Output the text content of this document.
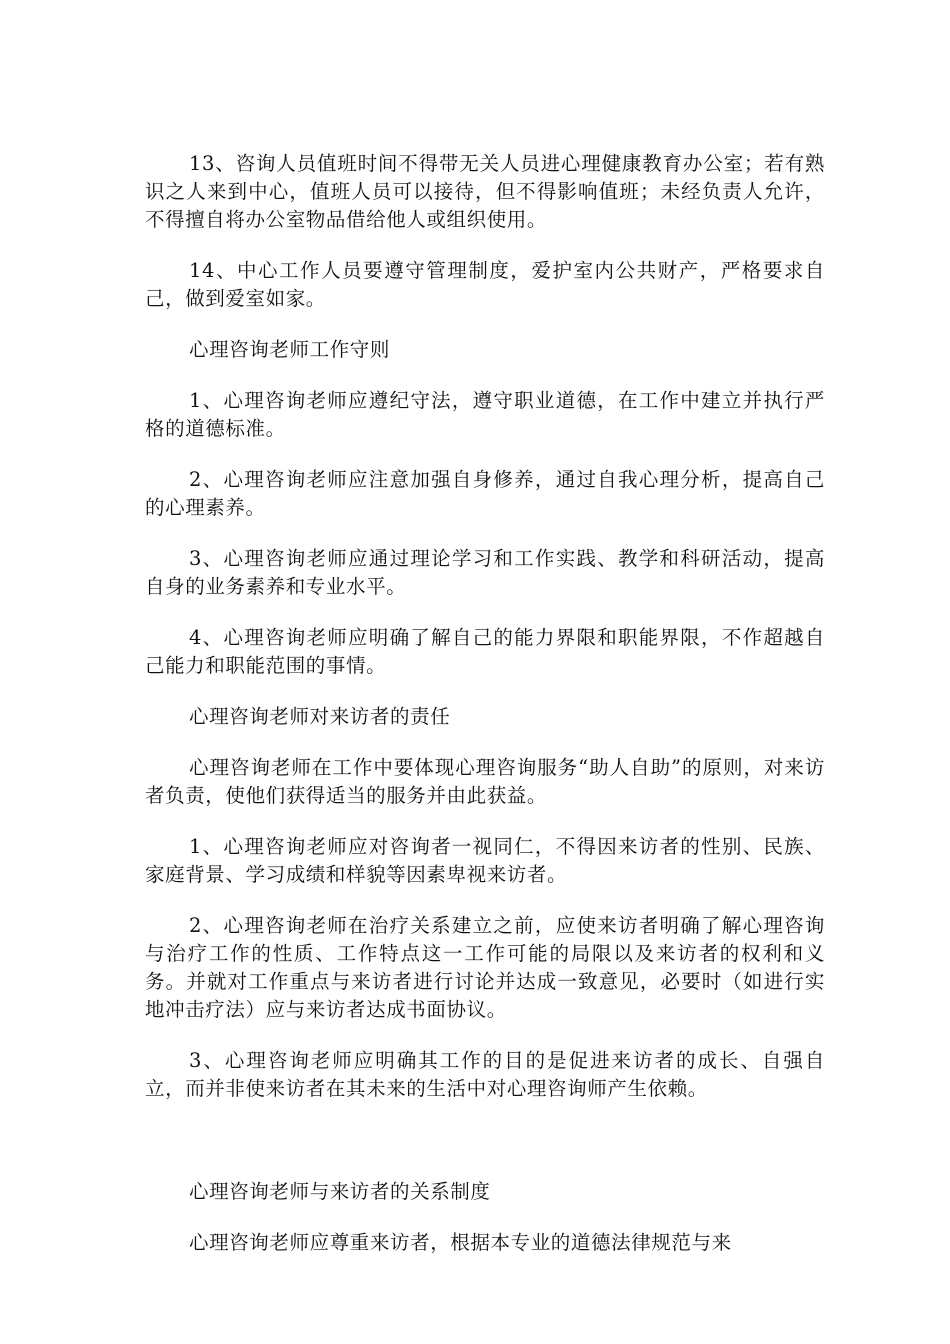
13、咨询人员值班时间不得带无关人员进心理健康教育办公室；若有熟识之人来到中心，值班人员可以接待，但不得影响值班；未经负责人允许，不得擅自将办公室物品借给他人或组织使用。

14、中心工作人员要遵守管理制度，爱护室内公共财产，严格要求自己，做到爱室如家。

心理咨询老师工作守则

1、心理咨询老师应遵纪守法，遵守职业道德，在工作中建立并执行严格的道德标准。

2、心理咨询老师应注意加强自身修养，通过自我心理分析，提高自己的心理素养。

3、心理咨询老师应通过理论学习和工作实践、教学和科研活动，提高自身的业务素养和专业水平。

4、心理咨询老师应明确了解自己的能力界限和职能界限，不作超越自己能力和职能范围的事情。

心理咨询老师对来访者的责任

心理咨询老师在工作中要体现心理咨询服务“助人自助”的原则，对来访者负责，使他们获得适当的服务并由此获益。

1、心理咨询老师应对咨询者一视同仁，不得因来访者的性别、民族、家庭背景、学习成绩和样貌等因素卑视来访者。

2、心理咨询老师在治疗关系建立之前，应使来访者明确了解心理咨询与治疗工作的性质、工作特点这一工作可能的局限以及来访者的权利和义务。并就对工作重点与来访者进行讨论并达成一致意见，必要时（如进行实地冲击疗法）应与来访者达成书面协议。

3、心理咨询老师应明确其工作的目的是促进来访者的成长、自强自立，而并非使来访者在其未来的生活中对心理咨询师产生依赖。

心理咨询老师与来访者的关系制度

心理咨询老师应尊重来访者，根据本专业的道德法律规范与来
